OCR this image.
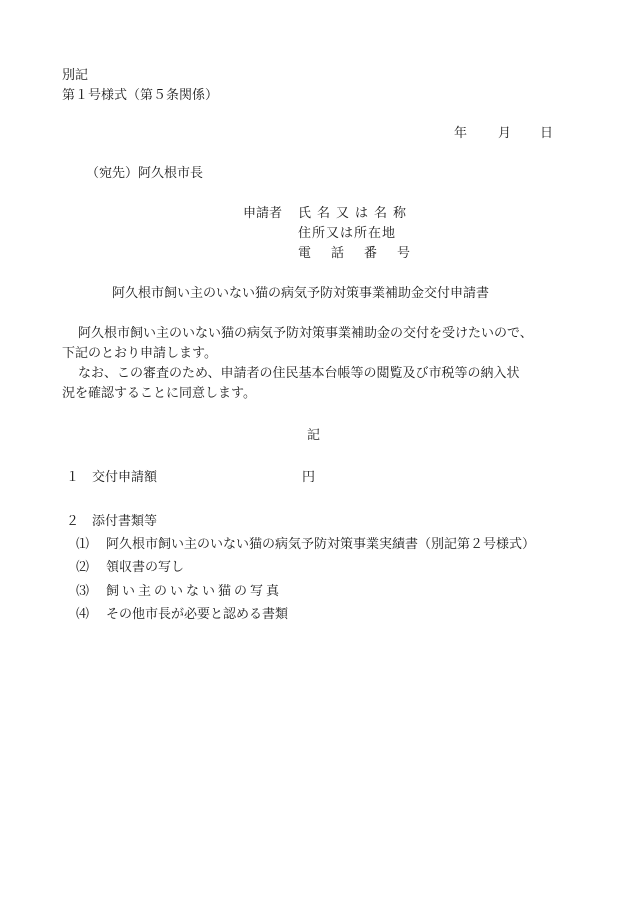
別記
第１号様式（第５条関係）
年 月 日
（宛先）阿久根市長
申請者 氏名又は名称
住所又は所在地
電話番号
阿久根市飼い主のいない猫の病気予防対策事業補助金交付申請書
阿久根市飼い主のいない猫の病気予防対策事業補助金の交付を受けたいので、
下記のとおり申請します。
なお、この審査のため、申請者の住民基本台帳等の閲覧及び市税等の納入状
況を確認することに同意します。
記
１ 交付申請額	円
２ 添付書類等
⑴ 阿久根市飼い主のいない猫の病気予防対策事業実績書（別記第２号様式）
⑵ 領収書の写し
⑶ 飼い主のいない猫の写真
⑷ その他市長が必要と認める書類
